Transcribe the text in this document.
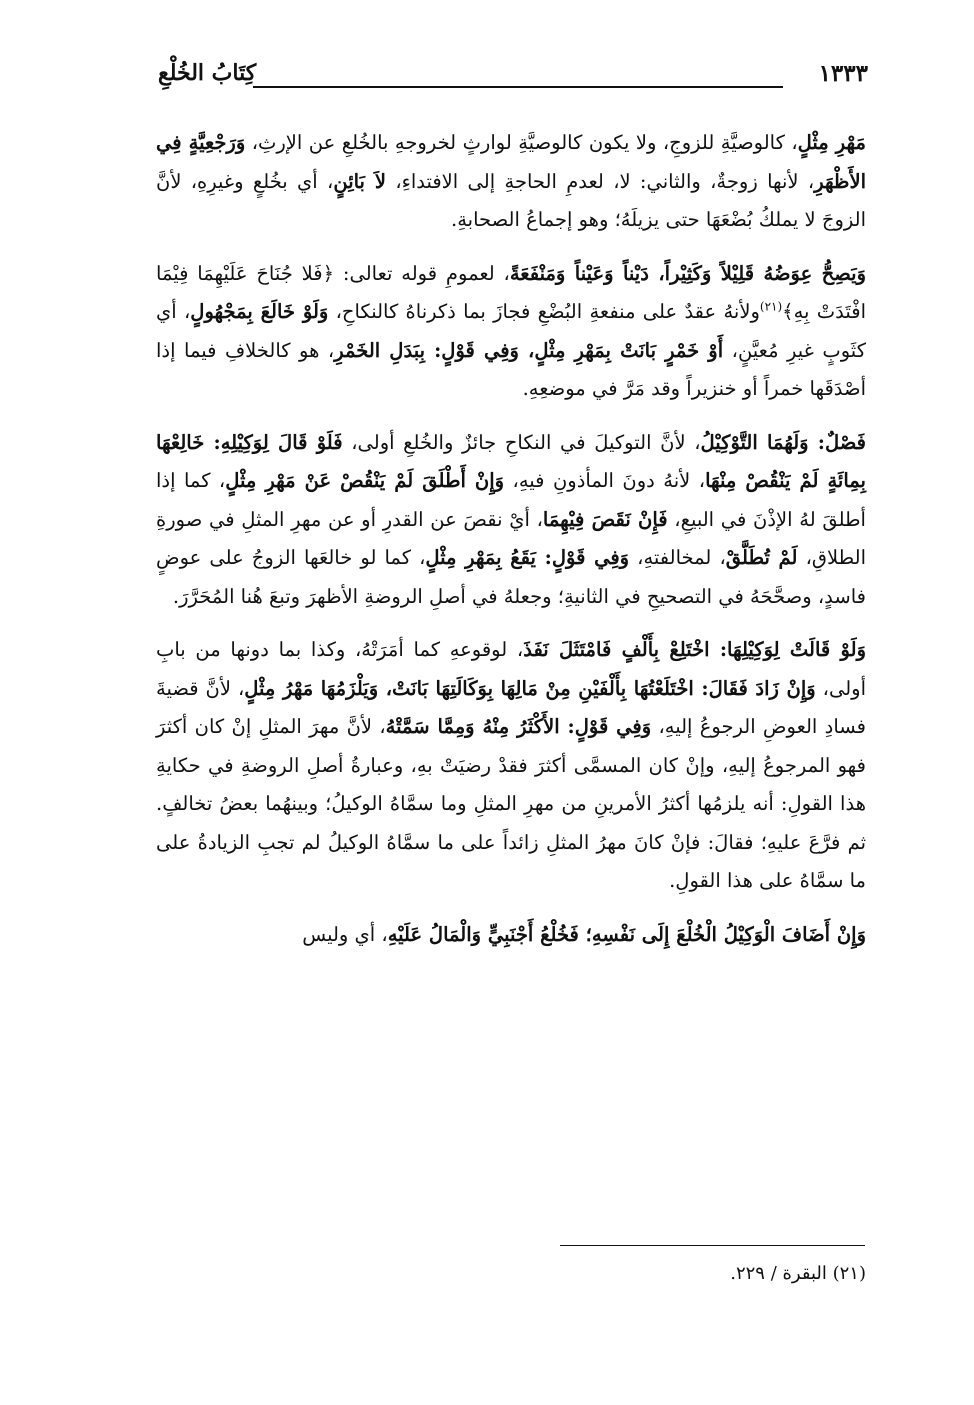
١٣٣٣
كِتَابُ الخُلْعِ

مَهْرِ مِثْلٍ، كالوصيَّةِ للزوجِ، ولا يكون كالوصيَّةِ لوارثٍ لخروجهِ بالخُلعِ عن الإرثِ، وَرَجْعِيَّةٍ فِي الأَظْهَرِ، لأنها زوجةٌ، والثاني: لا، لعدمِ الحاجةِ إلى الافتداءِ، لاَ بَائِنٍ، أي بخُلعٍ وغيرِهِ، لأنَّ الزوجَ لا يملكُ بُضْعَهَا حتى يزيلَهُ؛ وهو إجماعُ الصحابةِ.

وَيَصِحُّ عِوَضُهُ قَلِيْلاً وَكَثِيْراً، دَيْناً وَعَيْناً وَمَنْفَعَةً، لعمومِ قوله تعالى: ﴿فَلا جُنَاحَ عَلَيْهِمَا فِيْمَا افْتَدَتْ بِهِ﴾$^{(٢١)}$ولأنهُ عقدٌ على منفعةِ البُضْعِ فجازَ بما ذكرناهُ كالنكاحِ، وَلَوْ خَالَعَ بِمَجْهُولٍ، أي كثَوبٍ غيرِ مُعيَّنٍ، أَوْ خَمْرٍ بَانَتْ بِمَهْرِ مِثْلٍ، وَفِي قَوْلٍ: بِبَدَلِ الخَمْرِ، هو كالخلافِ فيما إذا أصْدَقَها خمراً أو خنزيراً وقد مَرَّ في موضعِهِ.

فَصْلٌ: وَلَهُمَا التَّوْكِيْلُ، لأنَّ التوكيلَ في النكاحِ جائزٌ والخُلعِ أولى، فَلَوْ قَالَ لِوَكِيْلِهِ: خَالِعْهَا بِمِائَةٍ لَمْ يَنْقُصْ مِنْهَا، لأنهُ دونَ المأذونِ فيهِ، وَإِنْ أَطْلَقَ لَمْ يَنْقُصْ عَنْ مَهْرِ مِثْلٍ، كما إذا أطلقَ لهُ الإذْنَ في البيعِ، فَإِنْ نَقَصَ فِيْهِمَا، أيْ نقصَ عن القدرِ أو عن مهرِ المثلِ في صورةِ الطلاقِ، لَمْ تُطَلَّقْ، لمخالفتهِ، وَفِي قَوْلٍ: يَقَعُ بِمَهْرِ مِثْلٍ، كما لو خالعَها الزوجُ على عوضٍ فاسدٍ، وصحَّحَهُ في التصحيحِ في الثانيةِ؛ وجعلهُ في أصلِ الروضةِ الأظهرَ وتبعَ هُنا المُحَرَّرَ.

وَلَوْ قَالَتْ لِوَكِيْلِهَا: اخْتَلِعْ بِأَلْفٍ فَامْتَثَلَ نَفَذَ، لوقوعهِ كما أمَرَتْهُ، وكذا بما دونها من بابِ أولى، وَإِنْ زَادَ فَقَالَ: اخْتَلَعْتُهَا بِأَلْفَيْنِ مِنْ مَالِهَا بِوَكَالَتِهَا بَانَتْ، وَيَلْزَمُهَا مَهْرُ مِثْلٍ، لأنَّ قضيةَ فسادِ العوضِ الرجوعُ إليهِ، وَفِي قَوْلٍ: الأَكْثَرُ مِنْهُ وَمِمَّا سَمَّتْهُ، لأنَّ مهرَ المثلِ إنْ كان أكثرَ فهو المرجوعُ إليهِ، وإنْ كان المسمَّى أكثرَ فقدْ رضيَتْ بهِ، وعبارةُ أصلِ الروضةِ في حكايةِ هذا القولِ: أنه يلزمُها أكثرُ الأمرينِ من مهرِ المثلِ وما سمَّاهُ الوكيلُ؛ وبينهُما بعضُ تخالفٍ. ثم فرَّعَ عليهِ؛ فقالَ: فإنْ كانَ مهرُ المثلِ زائداً على ما سمَّاهُ الوكيلُ لم تجبِ الزيادةُ على ما سمَّاهُ على هذا القولِ.

وَإِنْ أَضَافَ الْوَكِيْلُ الْخُلْعَ إِلَى نَفْسِهِ؛ فَخُلْعُ أَجْنَبِيٍّ وَالْمَالُ عَلَيْهِ، أي وليس

(٢١) البقرة / ٢٢٩.
